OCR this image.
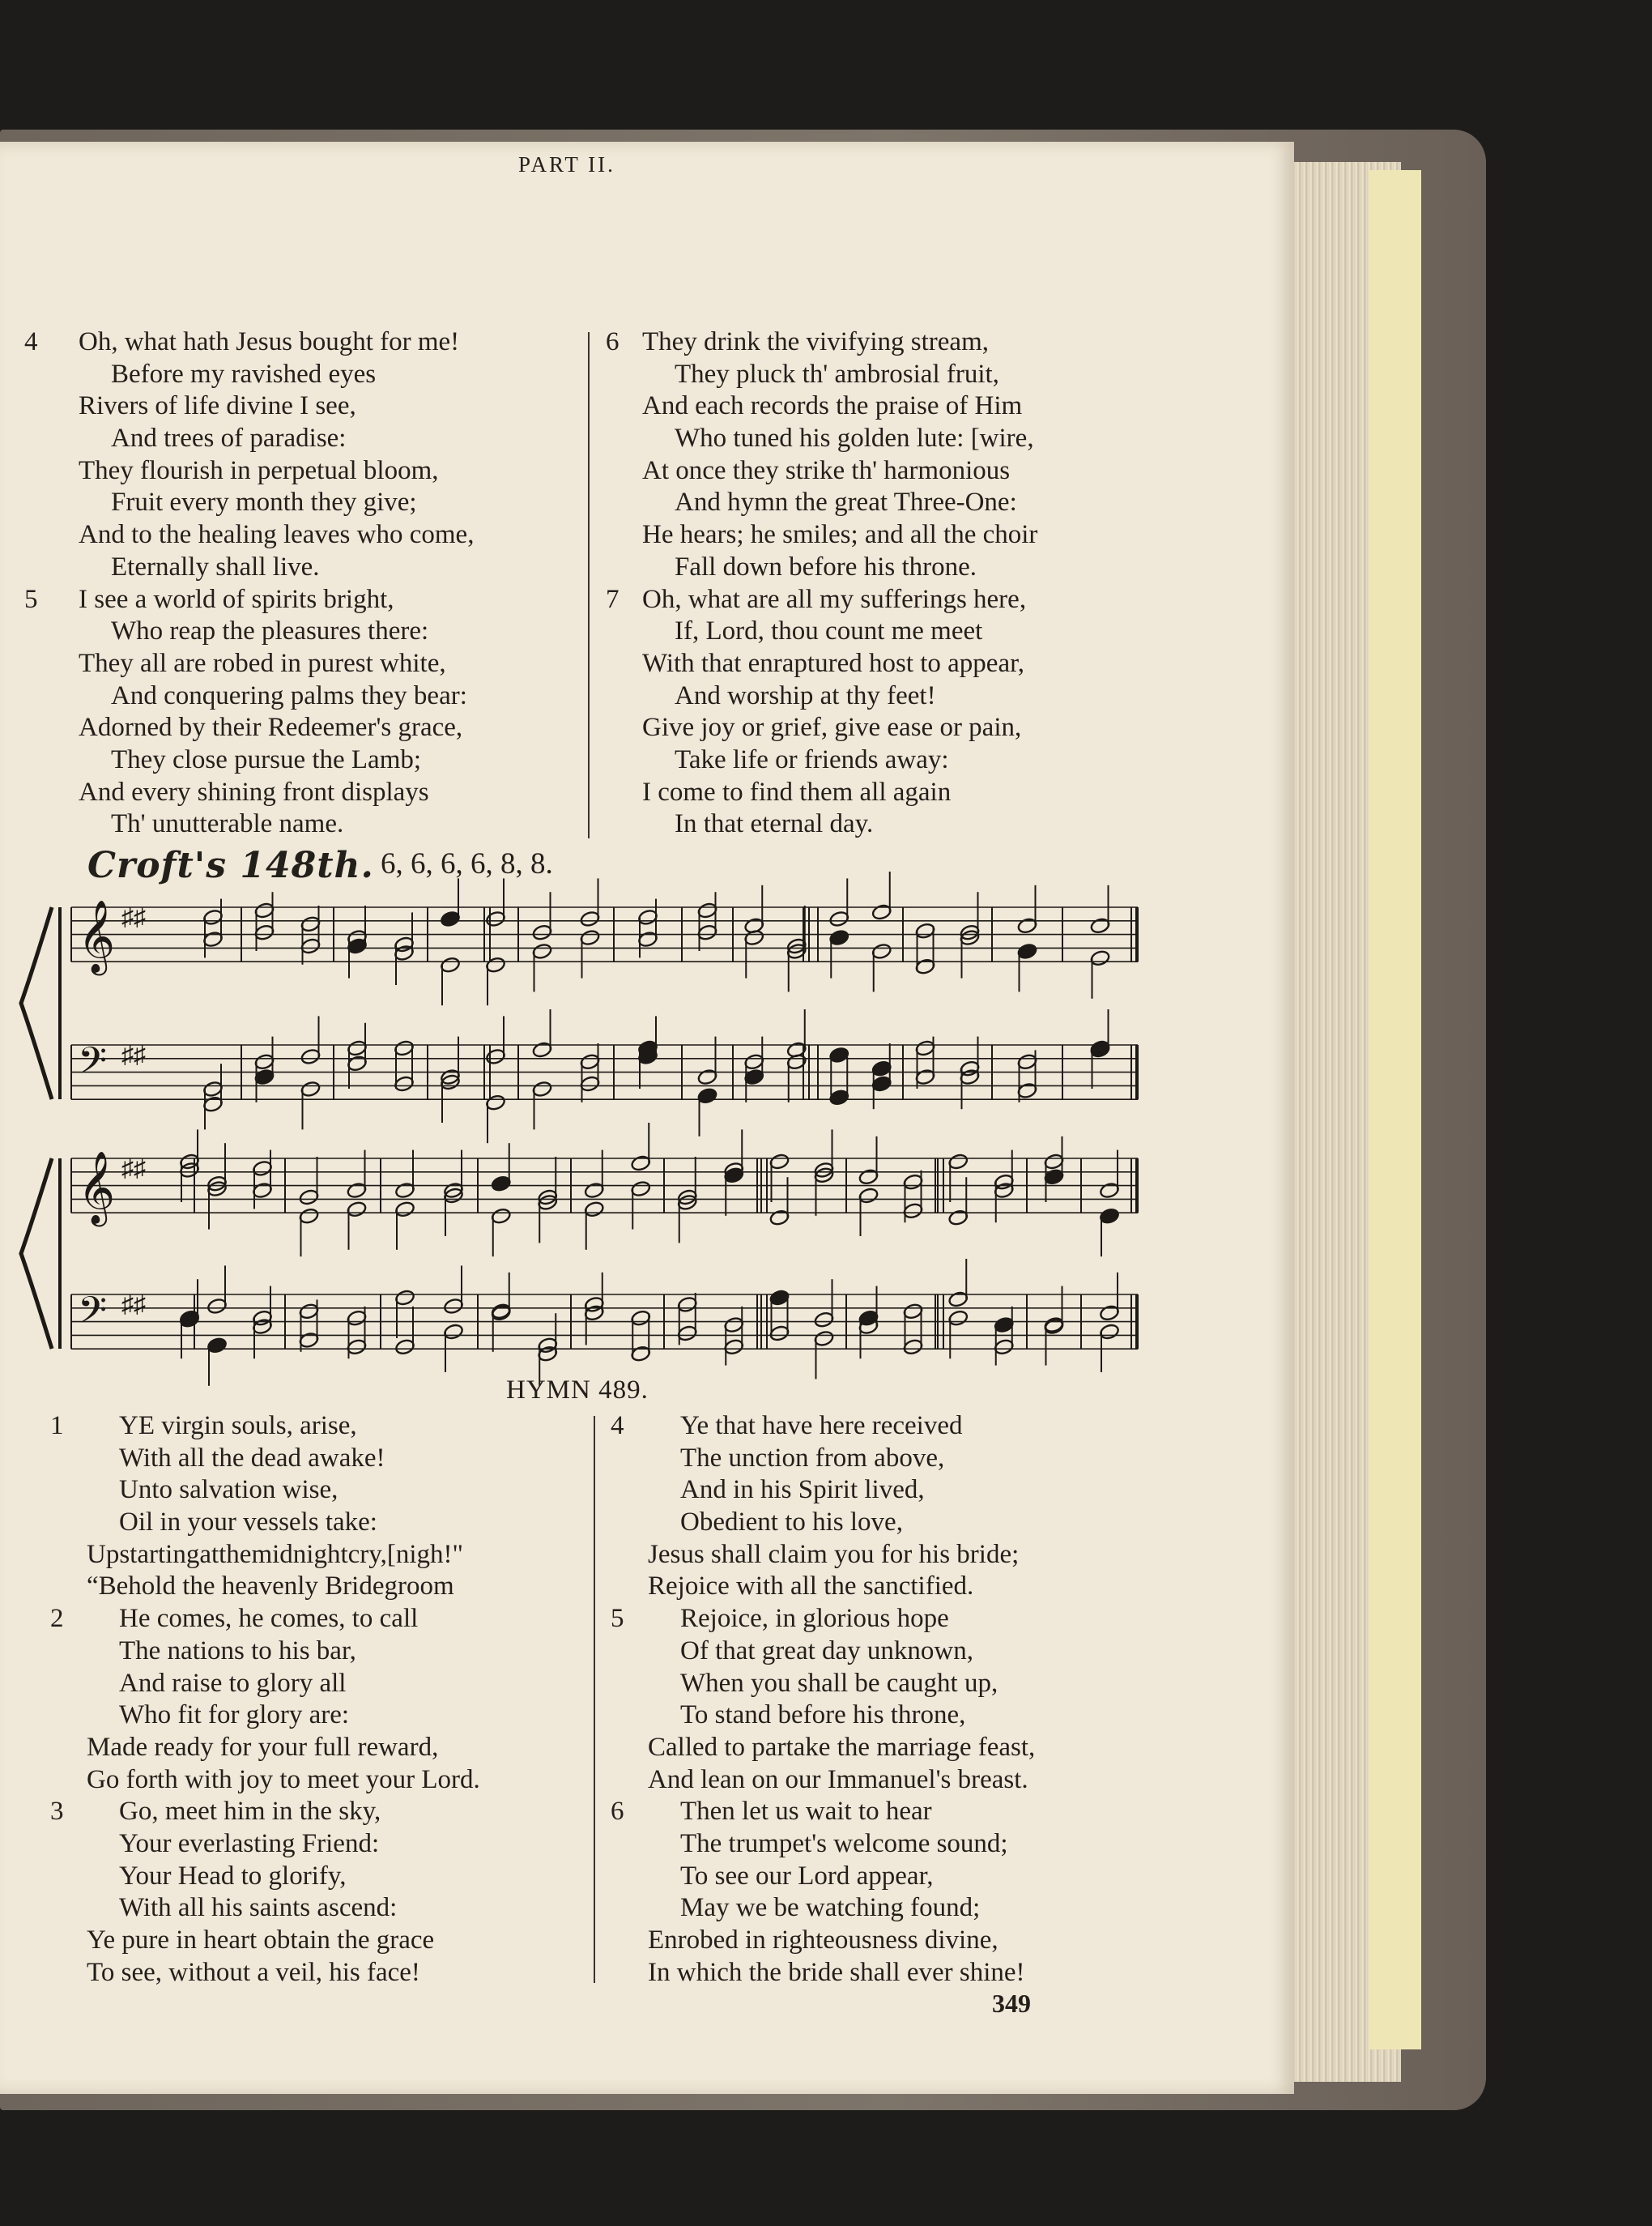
PART II.
4	Oh, what hath Jesus bought for me!
Before my ravished eyes
Rivers of life divine I see,
And trees of paradise:
They flourish in perpetual bloom,
Fruit every month they give;
And to the healing leaves who come,
Eternally shall live.
5	I see a world of spirits bright,
Who reap the pleasures there:
They all are robed in purest white,
And conquering palms they bear:
Adorned by their Redeemer's grace,
They close pursue the Lamb;
And every shining front displays
Th' unutterable name.
6 They drink the vivifying stream,
They pluck th' ambrosial fruit,
And each records the praise of Him
Who tuned his golden lute: [wire,
At once they strike th' harmonious
And hymn the great Three-One:
He hears; he smiles; and all the choir
Fall down before his throne.
7 Oh, what are all my sufferings here,
If, Lord, thou count me meet
With that enraptured host to appear,
And worship at thy feet!
Give joy or grief, give ease or pain,
Take life or friends away:
I come to find them all again
In that eternal day.
Croft's 148th. 6, 6, 6, 6, 8, 8.
𝄞 ♯♯
𝄢 ♯♯
𝄞 ♯♯
𝄢 ♯♯
HYMN 489.
1	YE virgin souls, arise,
With all the dead awake!
Unto salvation wise,
Oil in your vessels take:
Upstartingatthemidnightcry,[nigh!"
“Behold the heavenly Bridegroom
2	He comes, he comes, to call
The nations to his bar,
And raise to glory all
Who fit for glory are:
Made ready for your full reward,
Go forth with joy to meet your Lord.
3	Go, meet him in the sky,
Your everlasting Friend:
Your Head to glorify,
With all his saints ascend:
Ye pure in heart obtain the grace
To see, without a veil, his face!
4	Ye that have here received
The unction from above,
And in his Spirit lived,
Obedient to his love,
Jesus shall claim you for his bride;
Rejoice with all the sanctified.
5	Rejoice, in glorious hope
Of that great day unknown,
When you shall be caught up,
To stand before his throne,
Called to partake the marriage feast,
And lean on our Immanuel's breast.
6	Then let us wait to hear
The trumpet's welcome sound;
To see our Lord appear,
May we be watching found;
Enrobed in righteousness divine,
In which the bride shall ever shine!
349
